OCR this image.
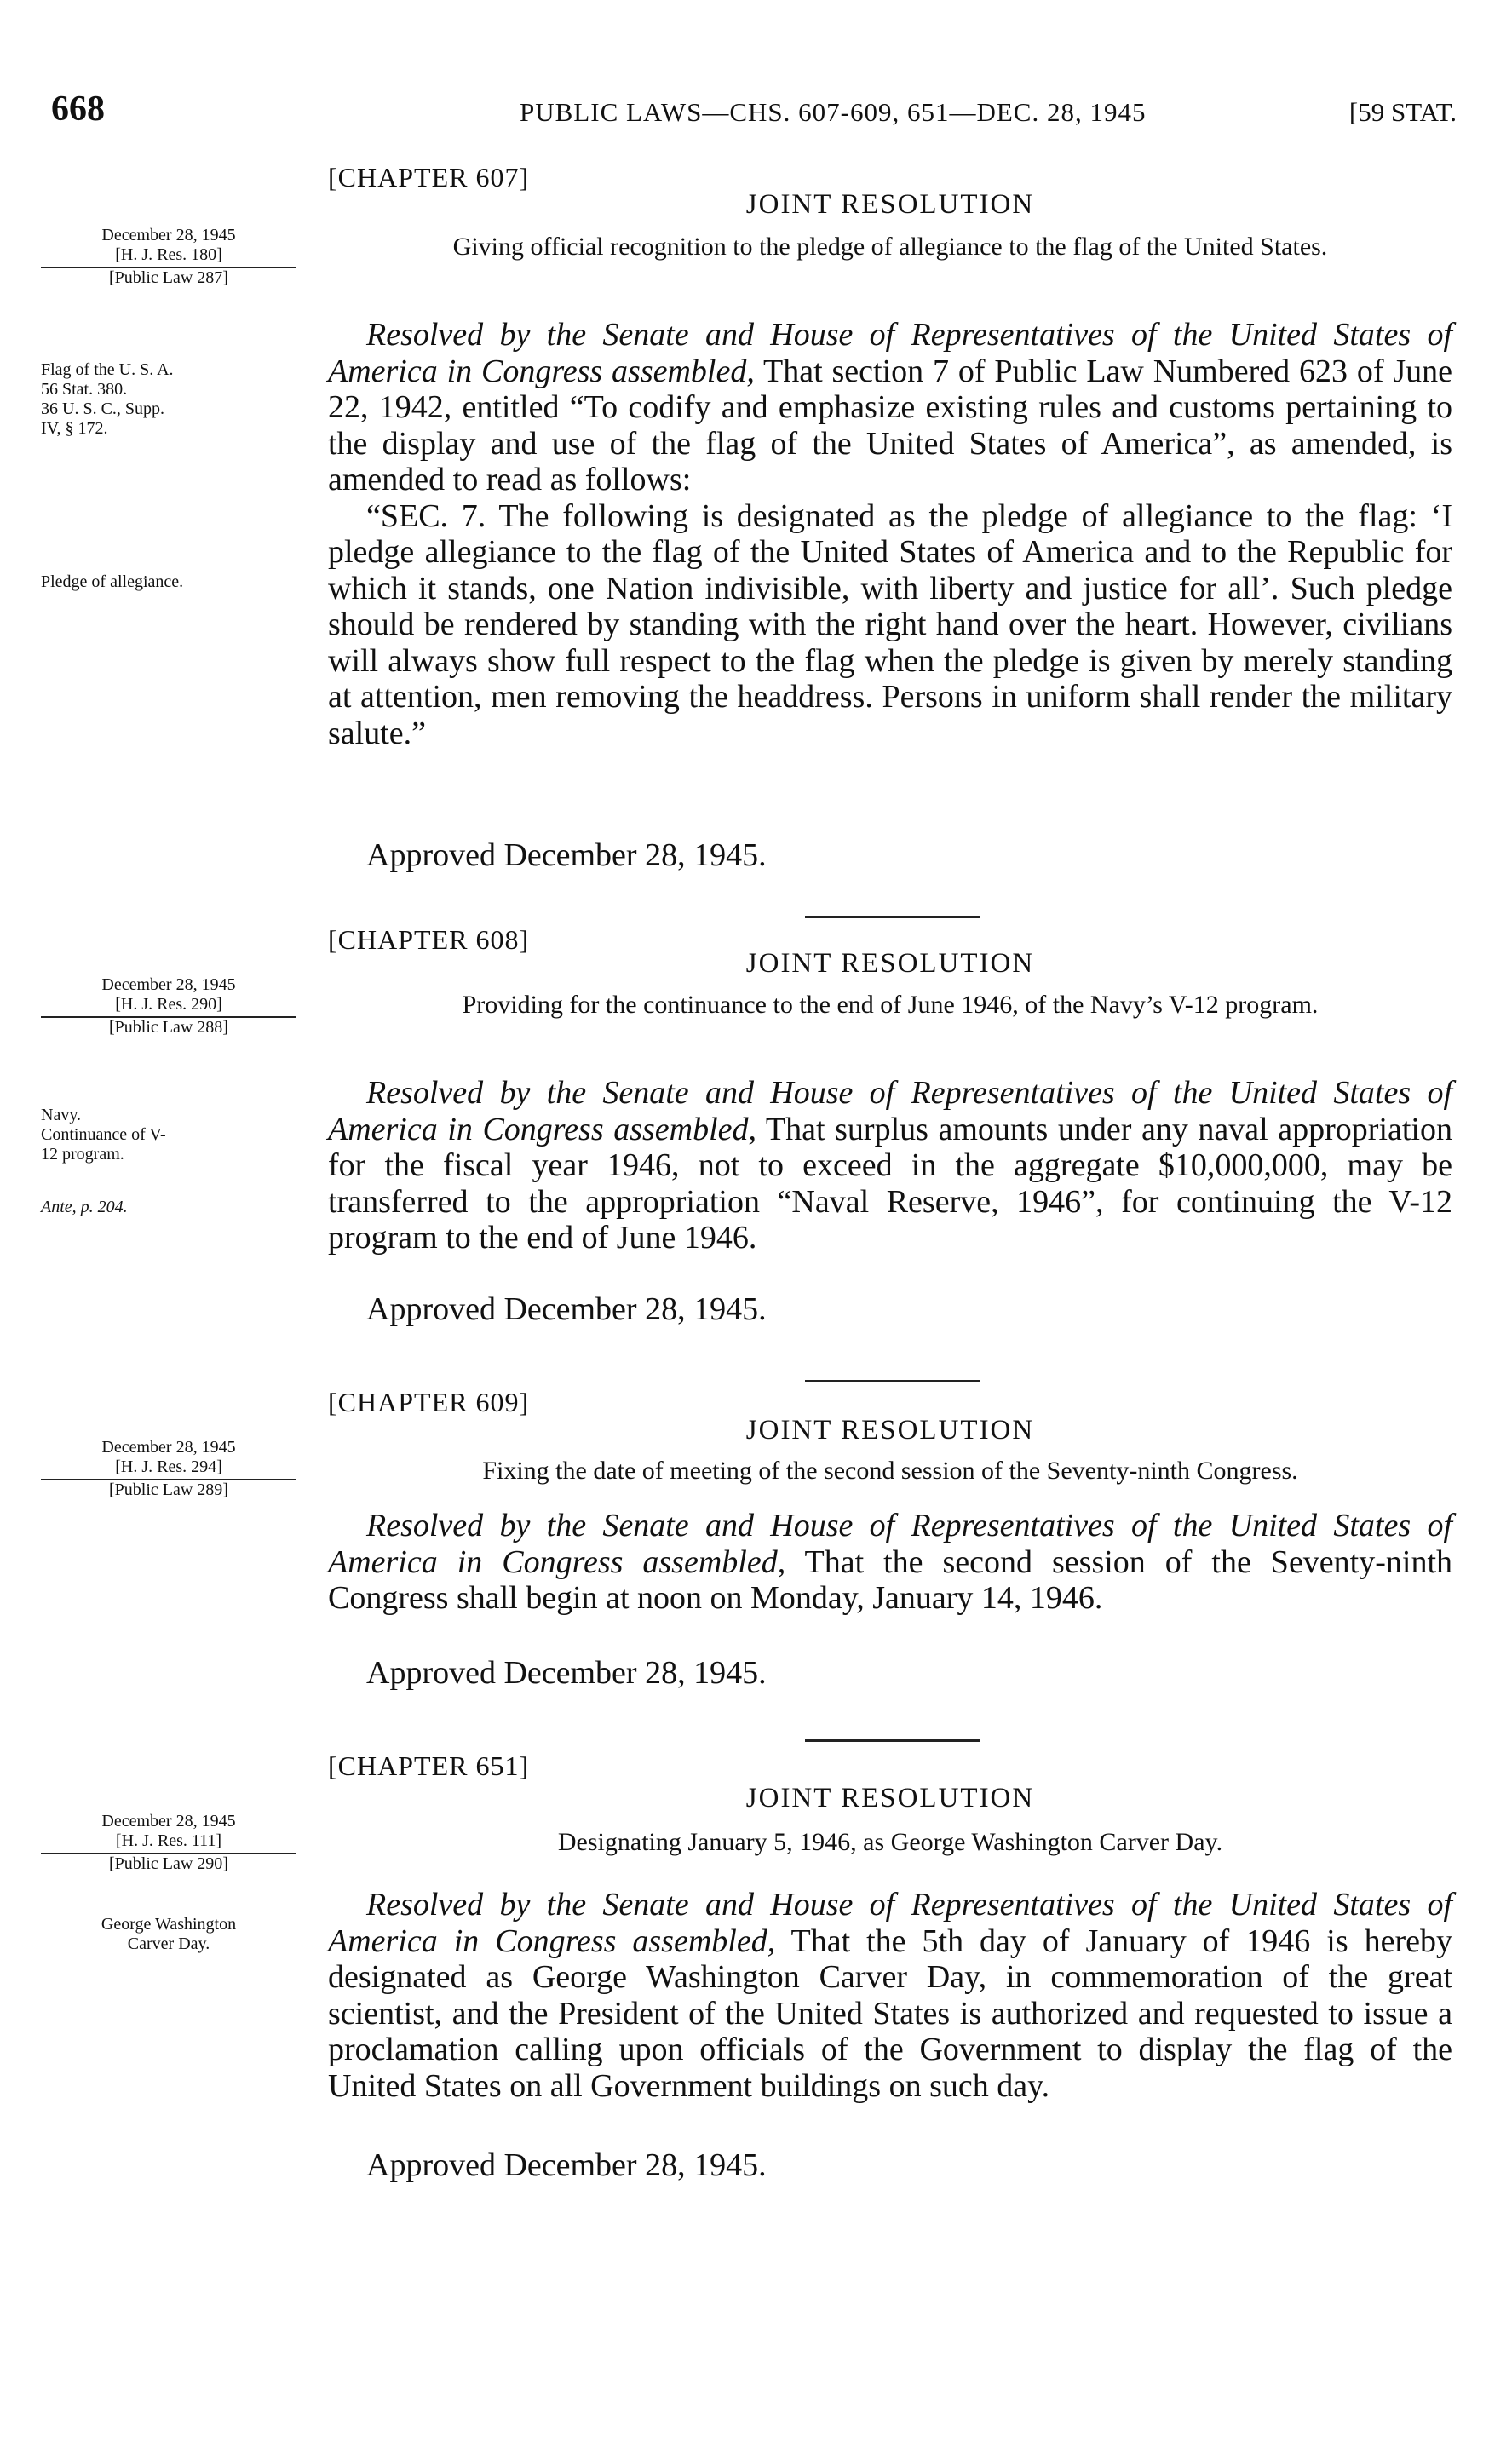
668	PUBLIC LAWS—CHS. 607-609, 651—DEC. 28, 1945	[59 STAT.
[CHAPTER 607]
JOINT RESOLUTION
December 28, 1945
[H. J. Res. 180]
[Public Law 287]
Giving official recognition to the pledge of allegiance to the flag of the United States.
Flag of the U. S. A.
56 Stat. 380.
36 U. S. C., Supp.
IV, § 172.
Pledge of allegiance.

Resolved by the Senate and House of Representatives of the United States of America in Congress assembled, That section 7 of Public Law Numbered 623 of June 22, 1942, entitled “To codify and emphasize existing rules and customs pertaining to the display and use of the flag of the United States of America”, as amended, is amended to read as follows:

“SEC. 7. The following is designated as the pledge of allegiance to the flag: ‘I pledge allegiance to the flag of the United States of America and to the Republic for which it stands, one Nation indivisible, with liberty and justice for all’. Such pledge should be rendered by standing with the right hand over the heart. However, civilians will always show full respect to the flag when the pledge is given by merely standing at attention, men removing the headdress. Persons in uniform shall render the military salute.”

Approved December 28, 1945.
[CHAPTER 608]
JOINT RESOLUTION
December 28, 1945
[H. J. Res. 290]
[Public Law 288]
Providing for the continuance to the end of June 1946, of the Navy’s V-12 program.
Navy.
Continuance of V-
12 program.
Ante, p. 204.

Resolved by the Senate and House of Representatives of the United States of America in Congress assembled, That surplus amounts under any naval appropriation for the fiscal year 1946, not to exceed in the aggregate $10,000,000, may be transferred to the appropriation “Naval Reserve, 1946”, for continuing the V-12 program to the end of June 1946.

Approved December 28, 1945.
[CHAPTER 609]
JOINT RESOLUTION
December 28, 1945
[H. J. Res. 294]
[Public Law 289]
Fixing the date of meeting of the second session of the Seventy-ninth Congress.

Resolved by the Senate and House of Representatives of the United States of America in Congress assembled, That the second session of the Seventy-ninth Congress shall begin at noon on Monday, January 14, 1946.

Approved December 28, 1945.
[CHAPTER 651]
JOINT RESOLUTION
December 28, 1945
[H. J. Res. 111]
[Public Law 290]
Designating January 5, 1946, as George Washington Carver Day.
George Washington
Carver Day.

Resolved by the Senate and House of Representatives of the United States of America in Congress assembled, That the 5th day of January of 1946 is hereby designated as George Washington Carver Day, in commemoration of the great scientist, and the President of the United States is authorized and requested to issue a proclamation calling upon officials of the Government to display the flag of the United States on all Government buildings on such day.

Approved December 28, 1945.
